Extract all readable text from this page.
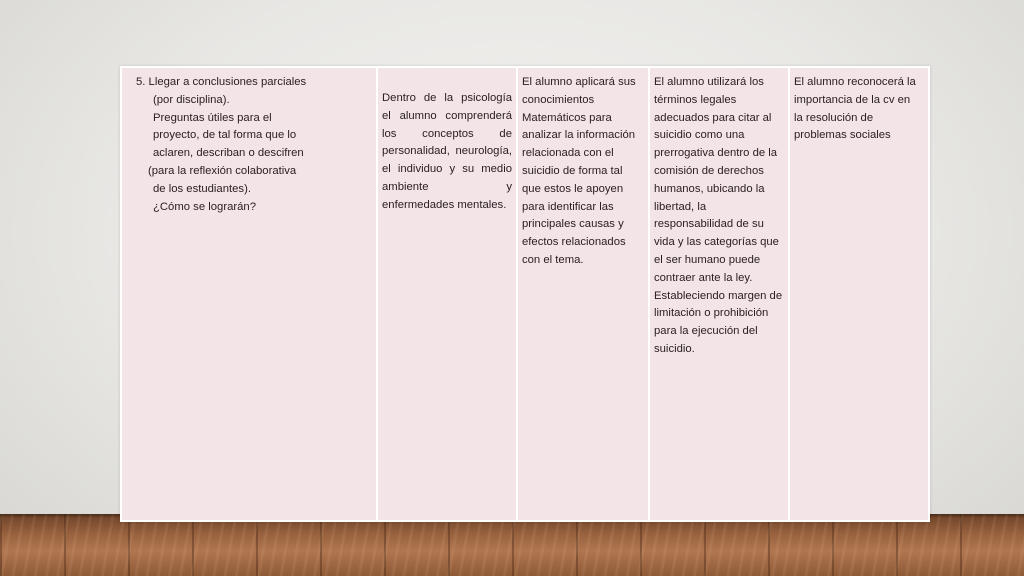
5. Llegar a conclusiones parciales
(por disciplina).
Preguntas útiles para el
proyecto, de tal forma que lo
aclaren, describan o descifren
(para la reflexión colaborativa
de los estudiantes).
¿Cómo se lograrán?
Dentro de la psicología
el alumno comprenderá
los conceptos de
personalidad, neurología,
el individuo y su medio
ambiente y
enfermedades mentales.
El alumno aplicará sus
conocimientos
Matemáticos para
analizar la información
relacionada con el
suicidio de forma tal
que estos le apoyen
para identificar las
principales causas y
efectos relacionados
con el tema.
El alumno utilizará los
términos legales
adecuados para citar al
suicidio como una
prerrogativa dentro de la
comisión de derechos
humanos, ubicando la
libertad, la
responsabilidad de su
vida y las categorías que
el ser humano puede
contraer ante la ley.
Estableciendo margen de
limitación o prohibición
para la ejecución del
suicidio.
El alumno reconocerá la
importancia de la cv en
la resolución de
problemas sociales
